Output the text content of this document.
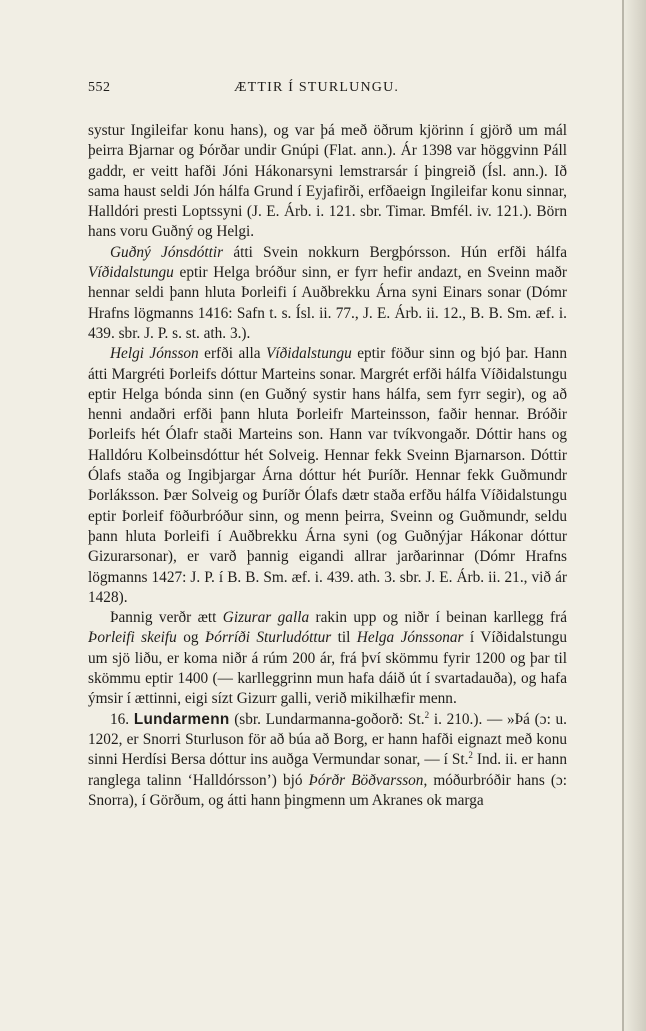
552	ÆTTIR Í STURLUNGU.

systur Ingileifar konu hans), og var þá með öðrum kjörinn í gjörð um mál þeirra Bjarnar og Þórðar undir Gnúpi (Flat. ann.). Ár 1398 var höggvinn Páll gaddr, er veitt hafði Jóni Hákonarsyni lemstrarsár í þingreið (Ísl. ann.). Ið sama haust seldi Jón hálfa Grund í Eyjafirði, erfðaeign Ingileifar konu sinnar, Halldóri presti Loptssyni (J. E. Árb. i. 121. sbr. Timar. Bmfél. iv. 121.). Börn hans voru Guðný og Helgi.

Guðný Jónsdóttir átti Svein nokkurn Bergþórsson. Hún erfði hálfa Víðidalstungu eptir Helga bróður sinn, er fyrr hefir andazt, en Sveinn maðr hennar seldi þann hluta Þorleifi í Auðbrekku Árna syni Einars sonar (Dómr Hrafns lögmanns 1416: Safn t. s. Ísl. ii. 77., J. E. Árb. ii. 12., B. B. Sm. æf. i. 439. sbr. J. P. s. st. ath. 3.).

Helgi Jónsson erfði alla Víðidalstungu eptir föður sinn og bjó þar. Hann átti Margréti Þorleifs dóttur Marteins sonar. Margrét erfði hálfa Víðidalstungu eptir Helga bónda sinn (en Guðný systir hans hálfa, sem fyrr segir), og að henni andaðri erfði þann hluta Þorleifr Marteinsson, faðir hennar. Bróðir Þorleifs hét Ólafr staði Marteins son. Hann var tvíkvongaðr. Dóttir hans og Halldóru Kolbeinsdóttur hét Solveig. Hennar fekk Sveinn Bjarnarson. Dóttir Ólafs staða og Ingibjargar Árna dóttur hét Þuríðr. Hennar fekk Guðmundr Þorláksson. Þær Solveig og Þuríðr Ólafs dætr staða erfðu hálfa Víðidalstungu eptir Þorleif föðurbróður sinn, og menn þeirra, Sveinn og Guðmundr, seldu þann hluta Þorleifi í Auðbrekku Árna syni (og Guðnýjar Hákonar dóttur Gizurarsonar), er varð þannig eigandi allrar jarðarinnar (Dómr Hrafns lögmanns 1427: J. P. í B. B. Sm. æf. i. 439. ath. 3. sbr. J. E. Árb. ii. 21., við ár 1428).

Þannig verðr ætt Gizurar galla rakin upp og niðr í beinan karllegg frá Þorleifi skeifu og Þórríði Sturludóttur til Helga Jónssonar í Víðidalstungu um sjö liðu, er koma niðr á rúm 200 ár, frá því skömmu fyrir 1200 og þar til skömmu eptir 1400 (— karlleggrinn mun hafa dáið út í svartadauða), og hafa ýmsir í ættinni, eigi sízt Gizurr galli, verið mikilhæfir menn.

16. Lundarmenn (sbr. Lundarmanna-goðorð: St.$^2$ i. 210.). — »Þá (ɔ: u. 1202, er Snorri Sturluson för að búa að Borg, er hann hafði eignazt með konu sinni Herdísi Bersa dóttur ins auðga Vermundar sonar, — í St.$^2$ Ind. ii. er hann ranglega talinn ‘Halldórsson’) bjó Þórðr Böðvarsson, móðurbróðir hans (ɔ: Snorra), í Görðum, og átti hann þingmenn um Akranes ok marga
